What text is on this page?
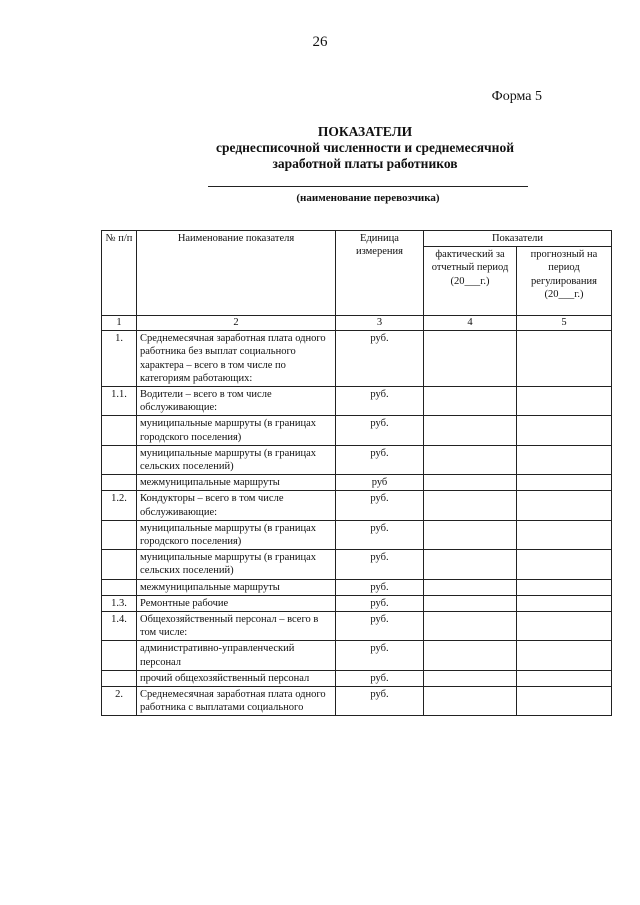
26
Форма 5
ПОКАЗАТЕЛИ
среднесписочной численности и среднемесячной
заработной платы работников
(наименование перевозчика)
№ п/п	Наименование показателя	Единица измерения	Показатели	
			фактический за отчетный период (20___г.)	прогнозный на период регулирования (20___г.)
1	2	3	4	5
1.	Среднемесячная заработная плата одного работника без выплат социального характера – всего в том числе по категориям работающих:	руб.		
1.1.	Водители – всего в том числе обслуживающие:	руб.		
	муниципальные маршруты (в границах городского поселения)	руб.		
	муниципальные маршруты (в границах сельских поселений)	руб.		
	межмуниципальные маршруты	руб		
1.2.	Кондукторы – всего в том числе обслуживающие:	руб.		
	муниципальные маршруты (в границах городского поселения)	руб.		
	муниципальные маршруты (в границах сельских поселений)	руб.		
	межмуниципальные маршруты	руб.		
1.3.	Ремонтные рабочие	руб.		
1.4.	Общехозяйственный персонал – всего в том числе:	руб.		
	административно-управленческий персонал	руб.		
	прочий общехозяйственный персонал	руб.		
2.	Среднемесячная заработная плата одного работника с выплатами социального	руб.		
